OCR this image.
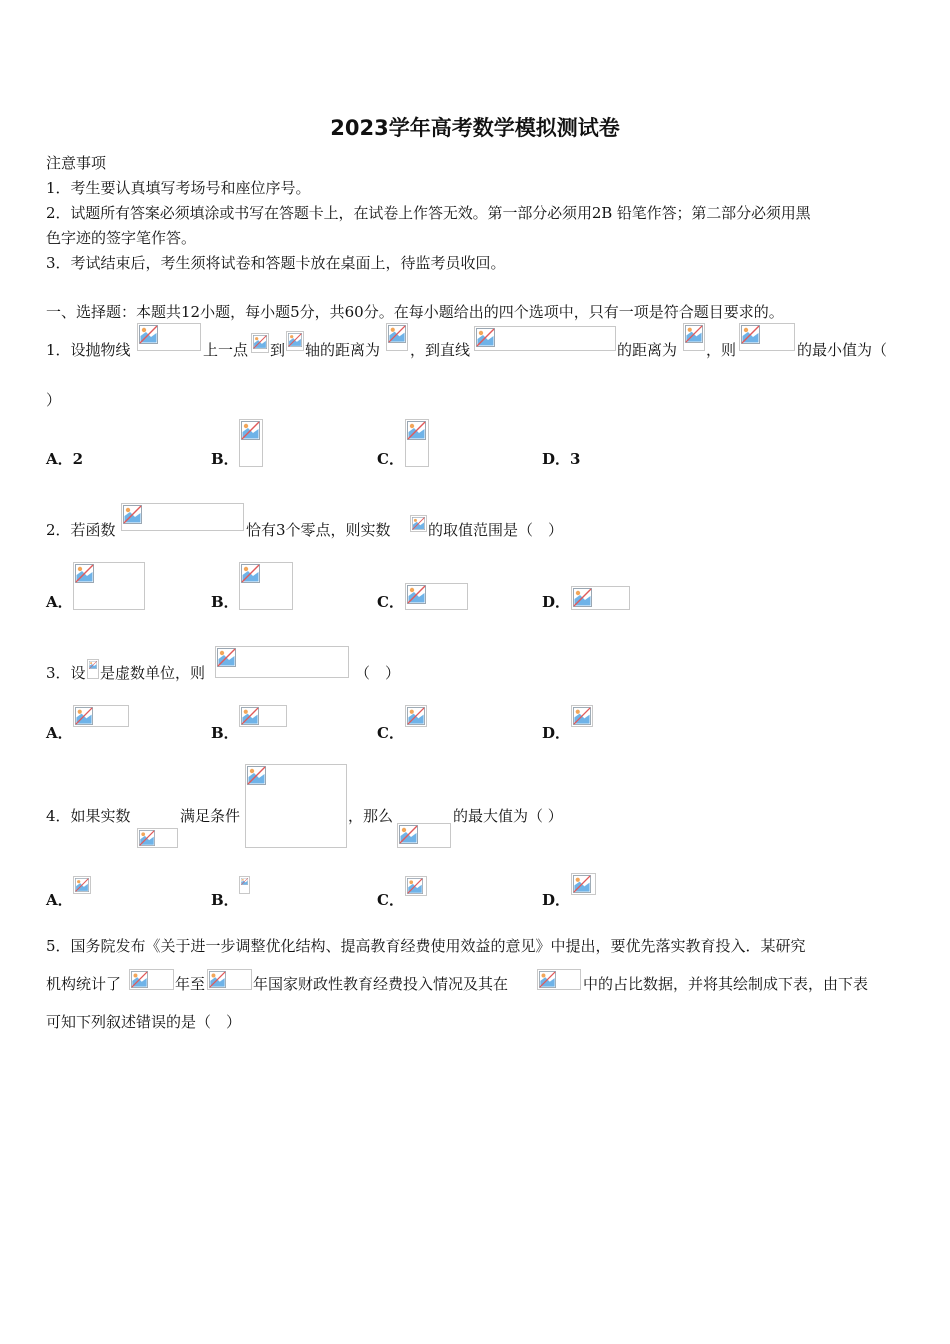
2023学年高考数学模拟测试卷
注意事项
1．考生要认真填写考场号和座位序号。
2．试题所有答案必须填涂或书写在答题卡上，在试卷上作答无效。第一部分必须用2B 铅笔作答；第二部分必须用黑
色字迹的签字笔作答。
3．考试结束后，考生须将试卷和答题卡放在桌面上，待监考员收回。
一、选择题：本题共12小题，每小题5分，共60分。在每小题给出的四个选项中，只有一项是符合题目要求的。
1．设抛物线	上一点 到 轴的距离为 ，到直线	的距离为 ，则	的最小值为（
）
A．2	B．	C．	D．3
2．若函数	恰有3个零点，则实数 的取值范围是（　）
A．	B．	C．	D．
3．设 是虚数单位，则	（　）
A．	B．	C．	D．
4．如果实数	满足条件	，那么	的最大值为（ ）
A．	B．	C．	D．
5．国务院发布《关于进一步调整优化结构、提高教育经费使用效益的意见》中提出，要优先落实教育投入．某研究
机构统计了	年至	年国家财政性教育经费投入情况及其在	中的占比数据，并将其绘制成下表，由下表
可知下列叙述错误的是（　）
